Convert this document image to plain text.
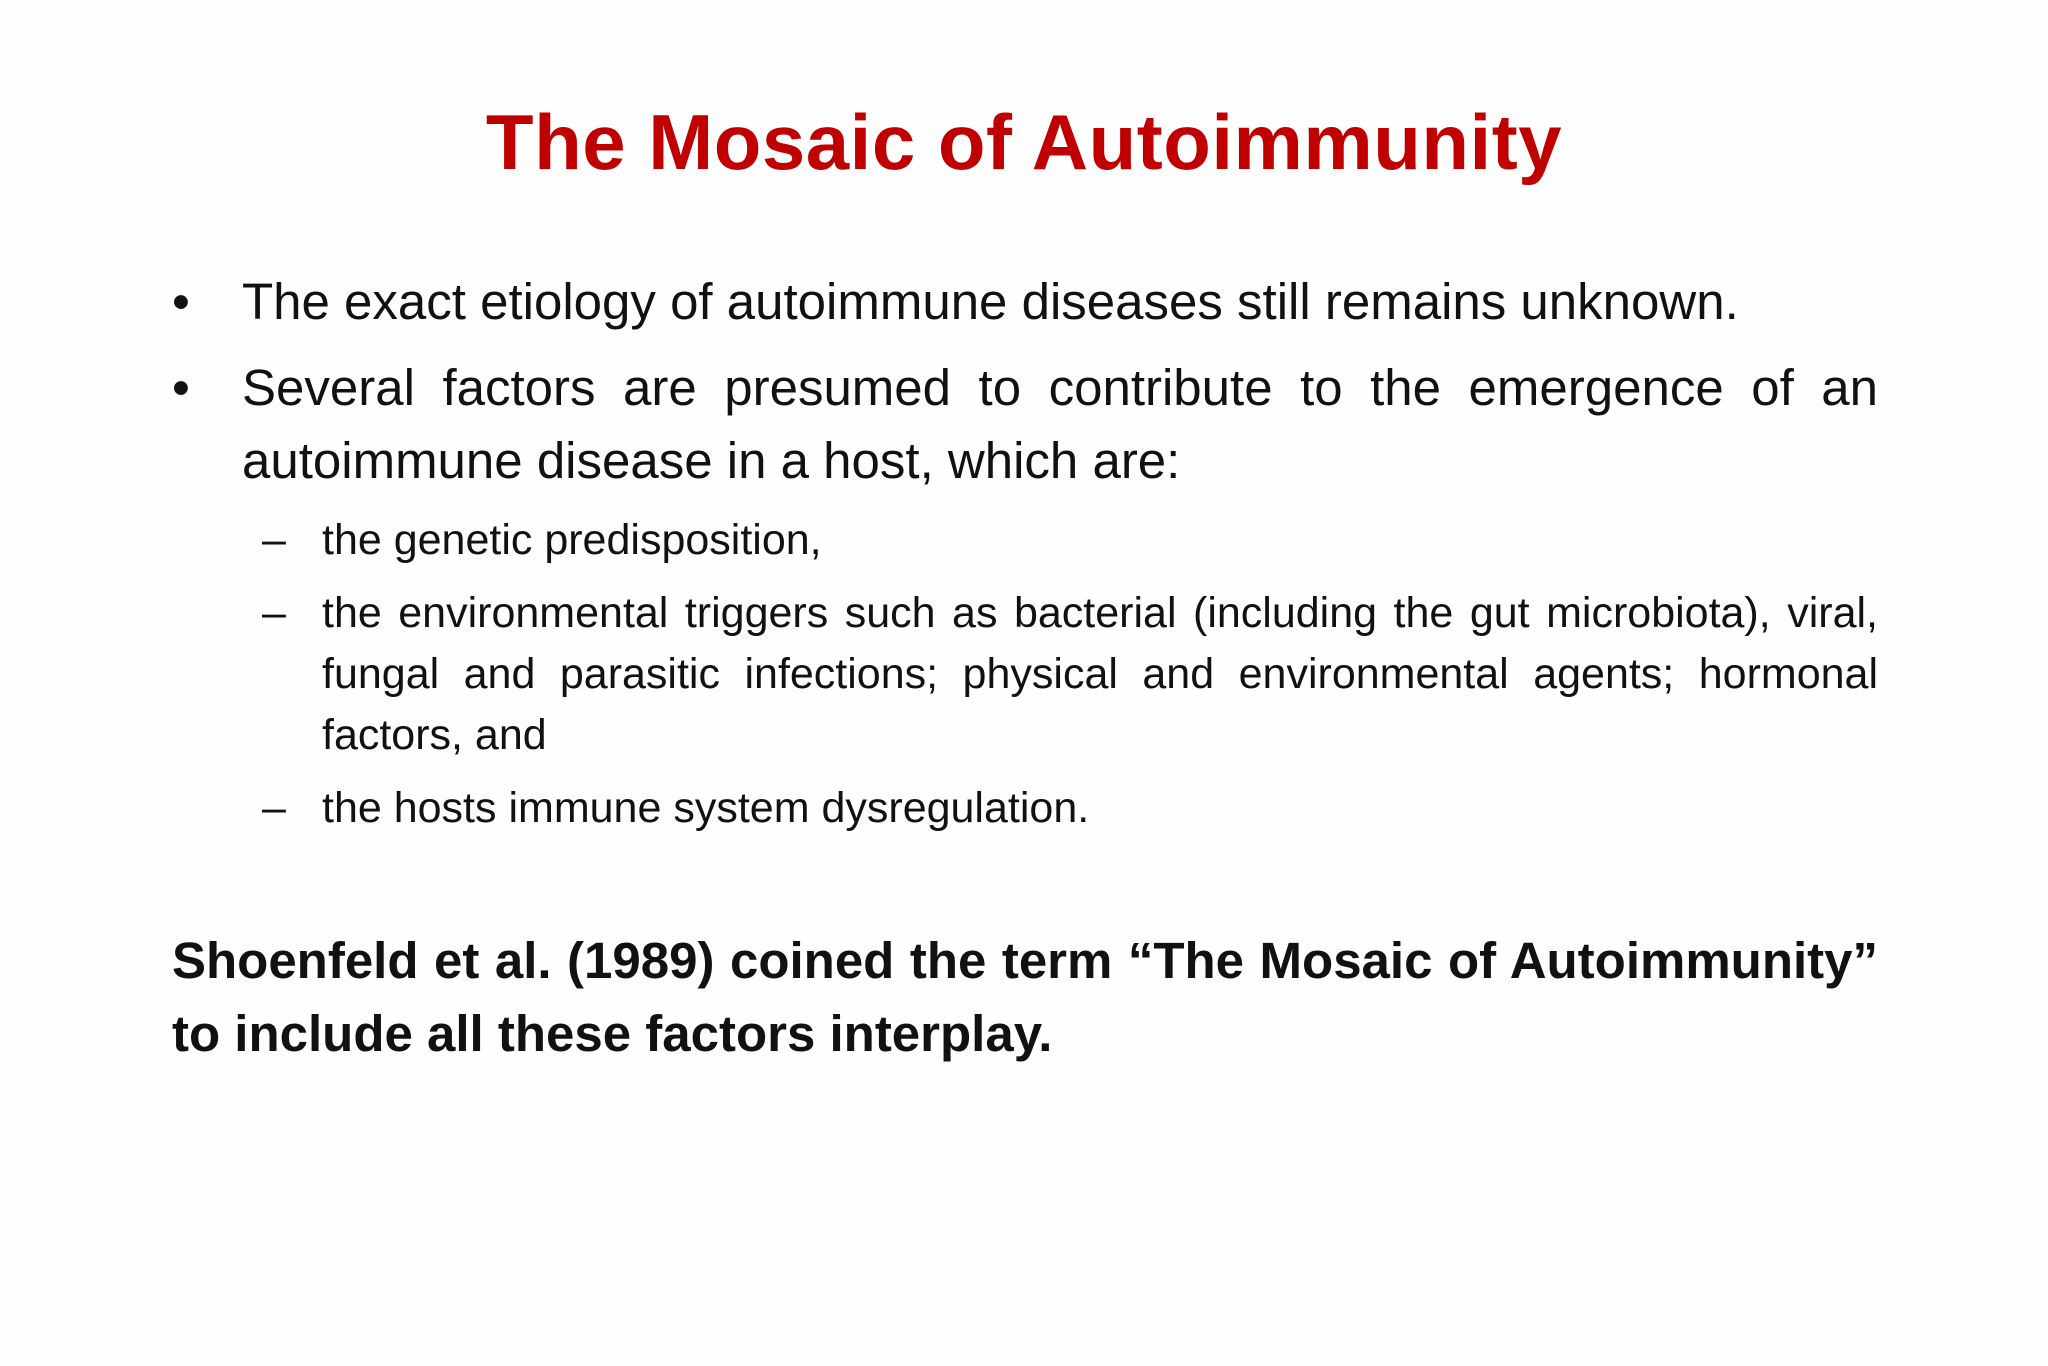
The Mosaic of Autoimmunity
•	The exact etiology of autoimmune diseases still remains unknown.
•	Several factors are presumed to contribute to the emergence of an autoimmune disease in a host, which are:
– the genetic predisposition,
– the environmental triggers such as bacterial (including the gut microbiota), viral, fungal and parasitic infections; physical and environmental agents; hormonal factors, and
– the hosts immune system dysregulation.
Shoenfeld et al. (1989) coined the term “The Mosaic of Autoimmunity” to include all these factors interplay.
